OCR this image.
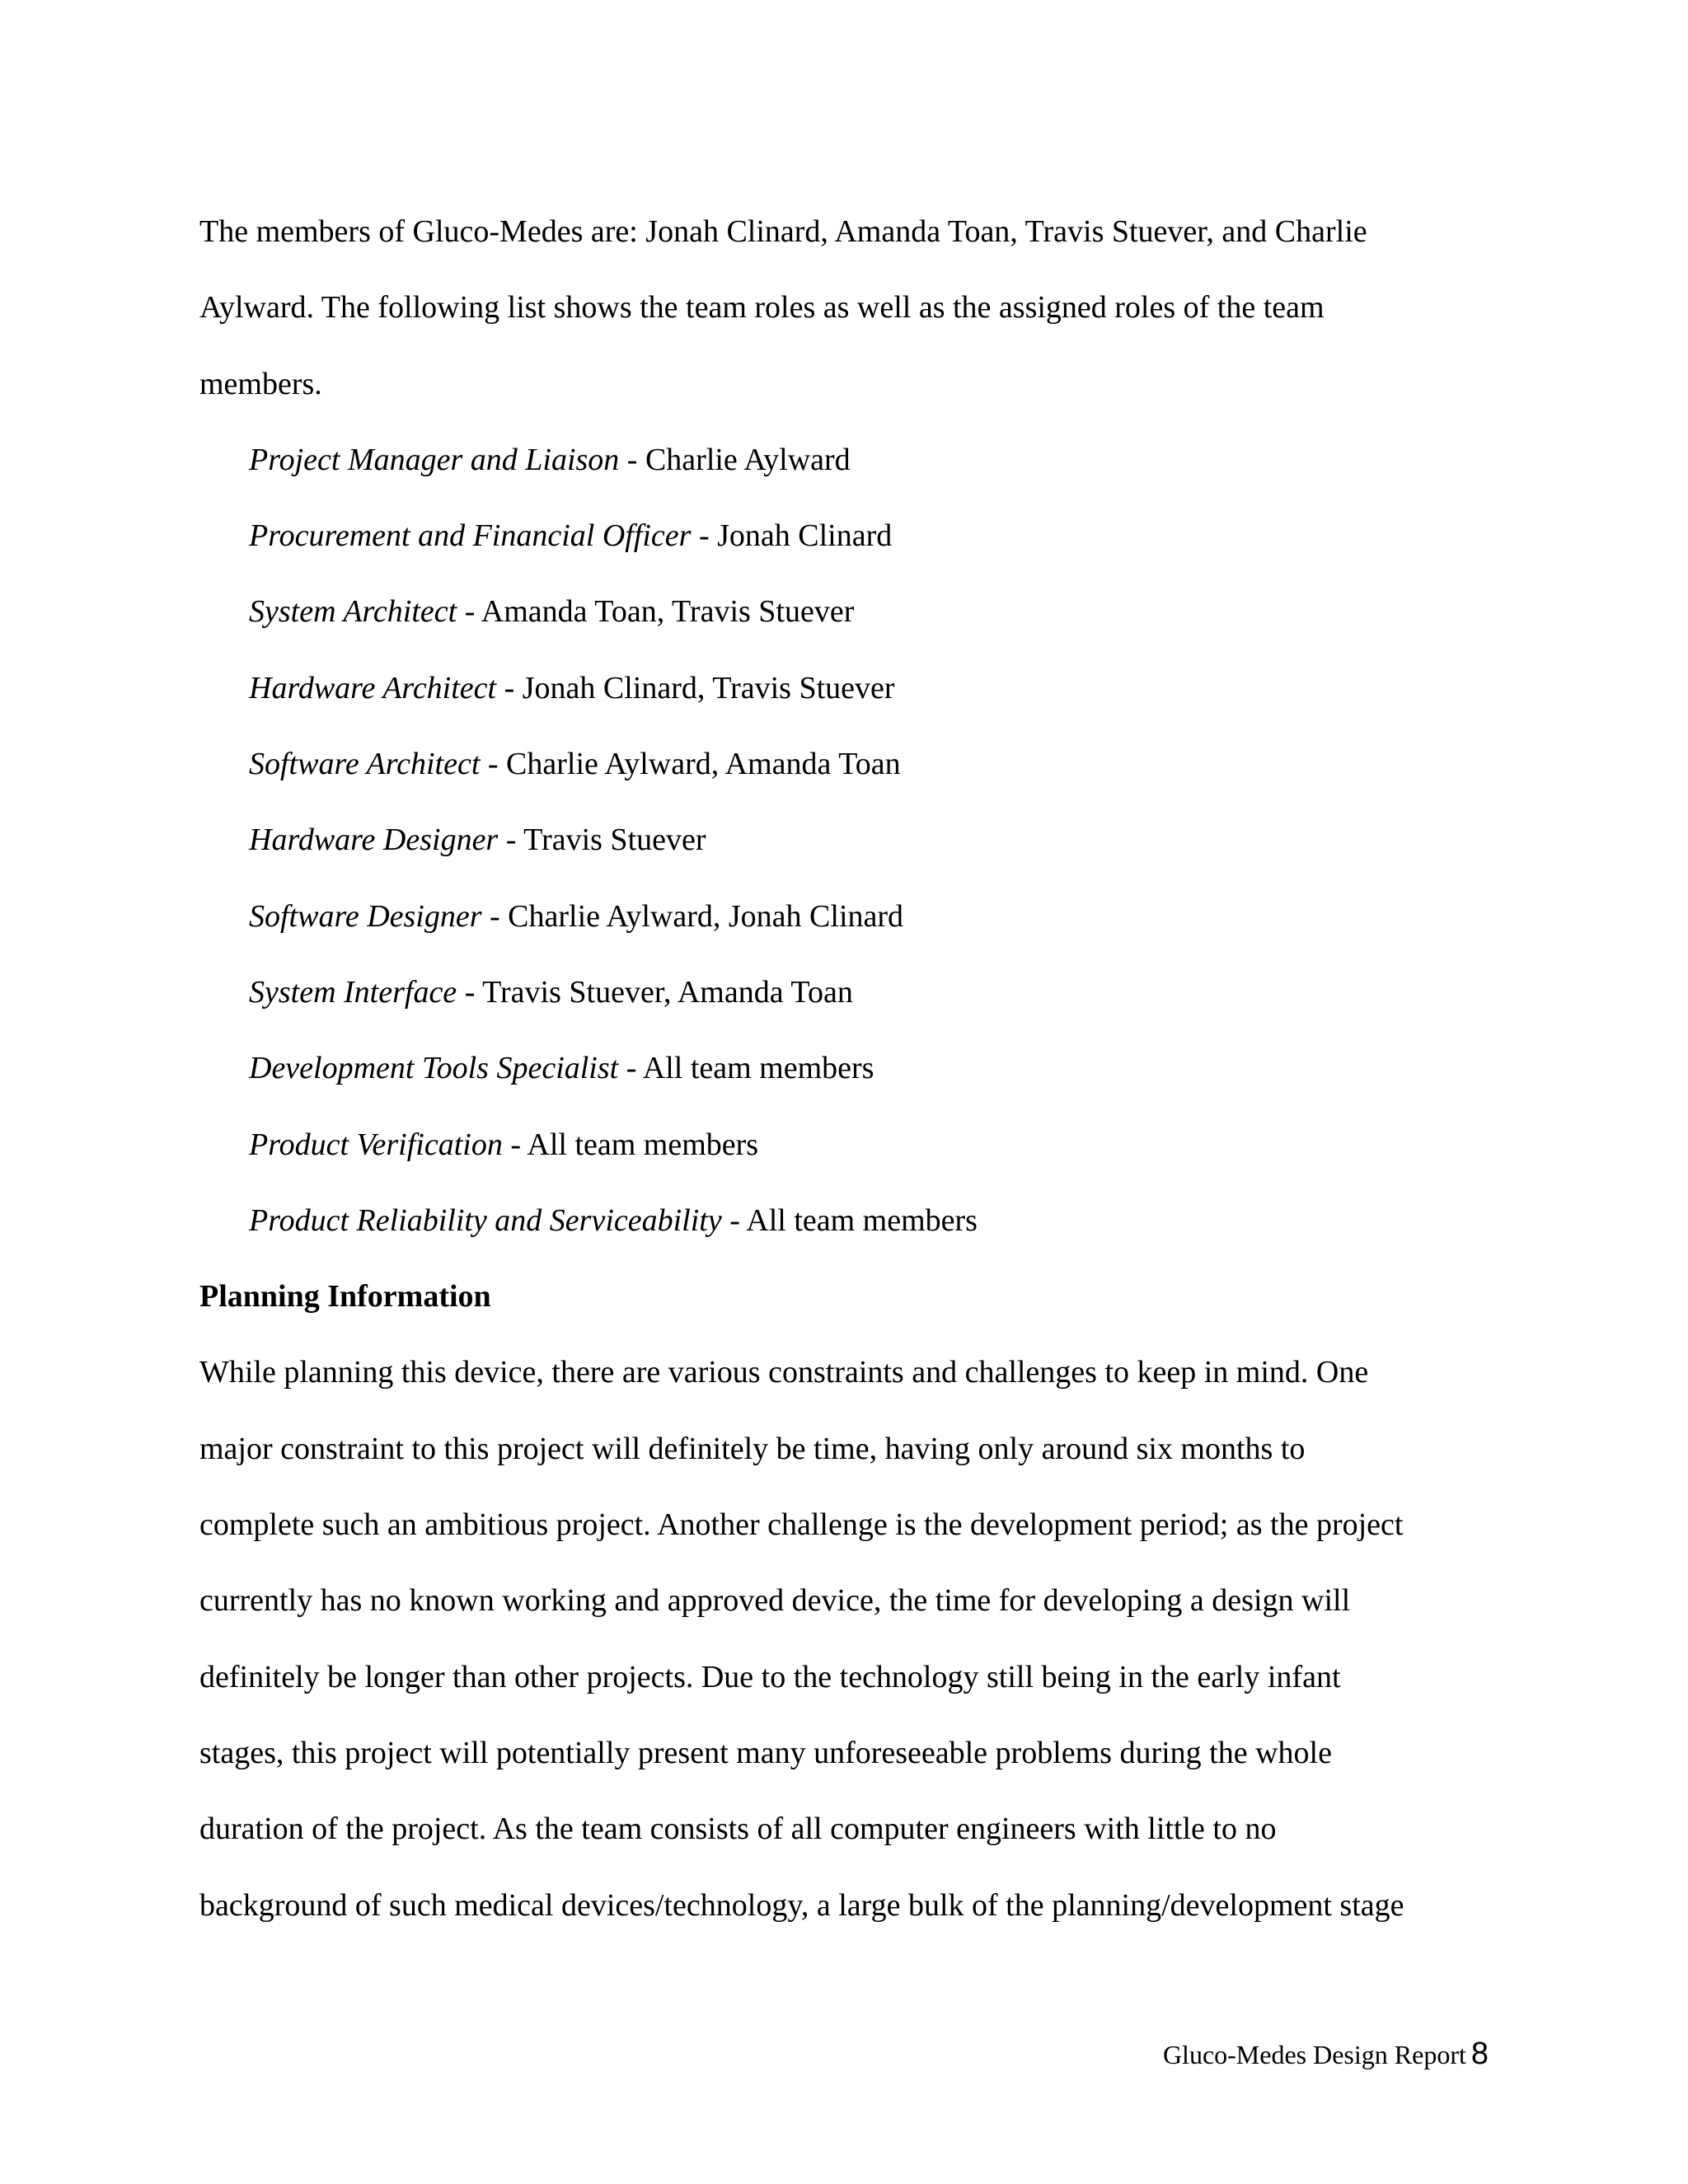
The members of Gluco-Medes are: Jonah Clinard, Amanda Toan, Travis Stuever, and Charlie
Aylward. The following list shows the team roles as well as the assigned roles of the team
members.
Project Manager and Liaison - Charlie Aylward
Procurement and Financial Officer - Jonah Clinard
System Architect - Amanda Toan, Travis Stuever
Hardware Architect - Jonah Clinard, Travis Stuever
Software Architect - Charlie Aylward, Amanda Toan
Hardware Designer - Travis Stuever
Software Designer - Charlie Aylward, Jonah Clinard
System Interface - Travis Stuever, Amanda Toan
Development Tools Specialist - All team members
Product Verification - All team members
Product Reliability and Serviceability - All team members
Planning Information
While planning this device, there are various constraints and challenges to keep in mind. One
major constraint to this project will definitely be time, having only around six months to
complete such an ambitious project. Another challenge is the development period; as the project
currently has no known working and approved device, the time for developing a design will
definitely be longer than other projects. Due to the technology still being in the early infant
stages, this project will potentially present many unforeseeable problems during the whole
duration of the project. As the team consists of all computer engineers with little to no
background of such medical devices/technology, a large bulk of the planning/development stage
Gluco-Medes Design Report 8
